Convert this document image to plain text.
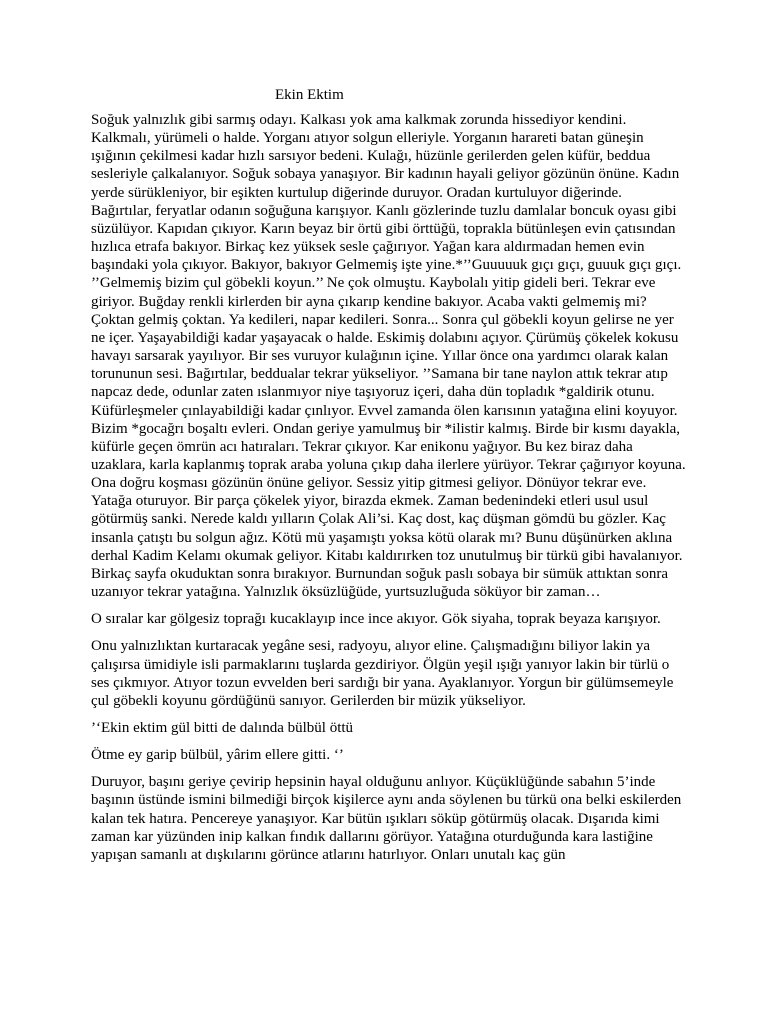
Ekin Ektim

Soğuk yalnızlık gibi sarmış odayı. Kalkası yok ama kalkmak zorunda hissediyor kendini. Kalkmalı, yürümeli o halde. Yorganı atıyor solgun elleriyle. Yorganın harareti batan güneşin ışığının çekilmesi kadar hızlı sarsıyor bedeni. Kulağı, hüzünle gerilerden gelen küfür, beddua sesleriyle çalkalanıyor. Soğuk sobaya yanaşıyor. Bir kadının hayali geliyor gözünün önüne. Kadın yerde sürükleniyor, bir eşikten kurtulup diğerinde duruyor. Oradan kurtuluyor diğerinde. Bağırtılar, feryatlar odanın soğuğuna karışıyor. Kanlı gözlerinde tuzlu damlalar boncuk oyası gibi süzülüyor. Kapıdan çıkıyor. Karın beyaz bir örtü gibi örttüğü, toprakla bütünleşen evin çatısından hızlıca etrafa bakıyor. Birkaç kez yüksek sesle çağırıyor. Yağan kara aldırmadan hemen evin başındaki yola çıkıyor. Bakıyor, bakıyor Gelmemiş işte yine.*’’Guuuuuk gıçı gıçı, guuuk gıçı gıçı. ’’Gelmemiş bizim çul göbekli koyun.’’ Ne çok olmuştu. Kaybolalı yitip gideli beri. Tekrar eve giriyor. Buğday renkli kirlerden bir ayna çıkarıp kendine bakıyor. Acaba vakti gelmemiş mi? Çoktan gelmiş çoktan. Ya kedileri, napar kedileri. Sonra... Sonra çul göbekli koyun gelirse ne yer ne içer. Yaşayabildiği kadar yaşayacak o halde. Eskimiş dolabını açıyor. Çürümüş çökelek kokusu havayı sarsarak yayılıyor. Bir ses vuruyor kulağının içine. Yıllar önce ona yardımcı olarak kalan torununun sesi. Bağırtılar, beddualar tekrar yükseliyor. ’’Samana bir tane naylon attık tekrar atıp napcaz dede, odunlar zaten ıslanmıyor niye taşıyoruz içeri, daha dün topladık *galdirik otunu. Küfürleşmeler çınlayabildiği kadar çınlıyor. Evvel zamanda ölen karısının yatağına elini koyuyor. Bizim *gocağrı boşaltı evleri. Ondan geriye yamulmuş bir *ilistir kalmış. Birde bir kısmı dayakla, küfürle geçen ömrün acı hatıraları. Tekrar çıkıyor. Kar enikonu yağıyor. Bu kez biraz daha uzaklara, karla kaplanmış toprak araba yoluna çıkıp daha ilerlere yürüyor. Tekrar çağırıyor koyuna. Ona doğru koşması gözünün önüne geliyor. Sessiz yitip gitmesi geliyor. Dönüyor tekrar eve. Yatağa oturuyor. Bir parça çökelek yiyor, birazda ekmek. Zaman bedenindeki etleri usul usul götürmüş sanki. Nerede kaldı yılların Çolak Ali’si. Kaç dost, kaç düşman gömdü bu gözler. Kaç insanla çatıştı bu solgun ağız. Kötü mü yaşamıştı yoksa kötü olarak mı? Bunu düşünürken aklına derhal Kadim Kelamı okumak geliyor. Kitabı kaldırırken toz unutulmuş bir türkü gibi havalanıyor. Birkaç sayfa okuduktan sonra bırakıyor. Burnundan soğuk paslı sobaya bir sümük attıktan sonra uzanıyor tekrar yatağına. Yalnızlık öksüzlüğüde, yurtsuzluğuda söküyor bir zaman…

O sıralar kar gölgesiz toprağı kucaklayıp ince ince akıyor. Gök siyaha, toprak beyaza karışıyor.

Onu yalnızlıktan kurtaracak yegâne sesi, radyoyu, alıyor eline. Çalışmadığını biliyor lakin ya çalışırsa ümidiyle isli parmaklarını tuşlarda gezdiriyor. Ölgün yeşil ışığı yanıyor lakin bir türlü o ses çıkmıyor. Atıyor tozun evvelden beri sardığı bir yana. Ayaklanıyor. Yorgun bir gülümsemeyle çul göbekli koyunu gördüğünü sanıyor. Gerilerden bir müzik yükseliyor.

’‘Ekin ektim gül bitti de dalında bülbül öttü

Ötme ey garip bülbül, yârim ellere gitti. ‘’

Duruyor, başını geriye çevirip hepsinin hayal olduğunu anlıyor. Küçüklüğünde sabahın 5’inde başının üstünde ismini bilmediği birçok kişilerce aynı anda söylenen bu türkü ona belki eskilerden kalan tek hatıra. Pencereye yanaşıyor. Kar bütün ışıkları söküp götürmüş olacak. Dışarıda kimi zaman kar yüzünden inip kalkan fındık dallarını görüyor. Yatağına oturduğunda kara lastiğine yapışan samanlı at dışkılarını görünce atlarını hatırlıyor. Onları unutalı kaç gün
